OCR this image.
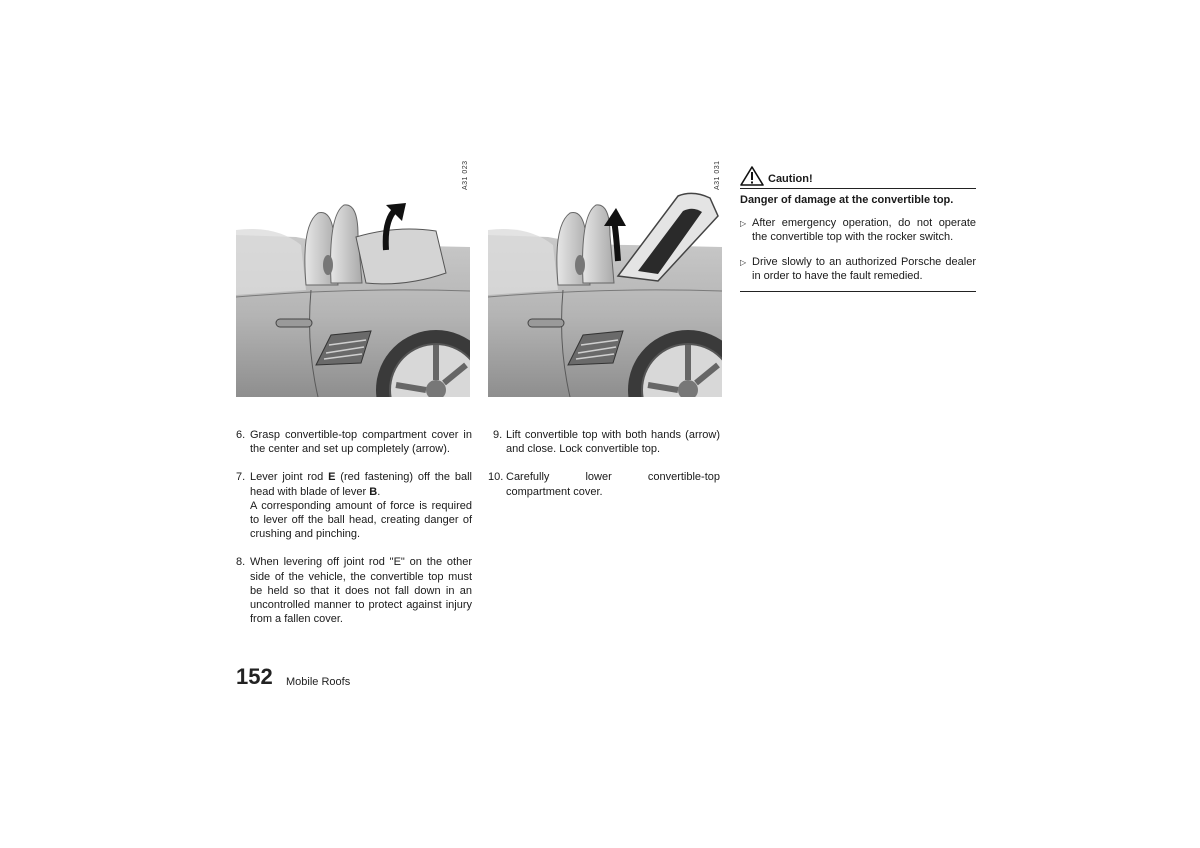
A31 023	A31 031
6. Grasp convertible-top compartment cover in the center and set up completely (arrow).

7. Lever joint rod E (red fastening) off the ball head with blade of lever B.

A corresponding amount of force is required to lever off the ball head, creating danger of crushing and pinching.

8. When levering off joint rod "E" on the other side of the vehicle, the convertible top must be held so that it does not fall down in an uncontrolled manner to protect against injury from a fallen cover.

9. Lift convertible top with both hands (arrow) and close. Lock convertible top.

10. Carefully lower convertible-top compartment cover.

Caution!
Danger of damage at the convertible top.
▷ After emergency operation, do not operate the convertible top with the rocker switch.
▷ Drive slowly to an authorized Porsche dealer in order to have the fault remedied.
152 Mobile Roofs
